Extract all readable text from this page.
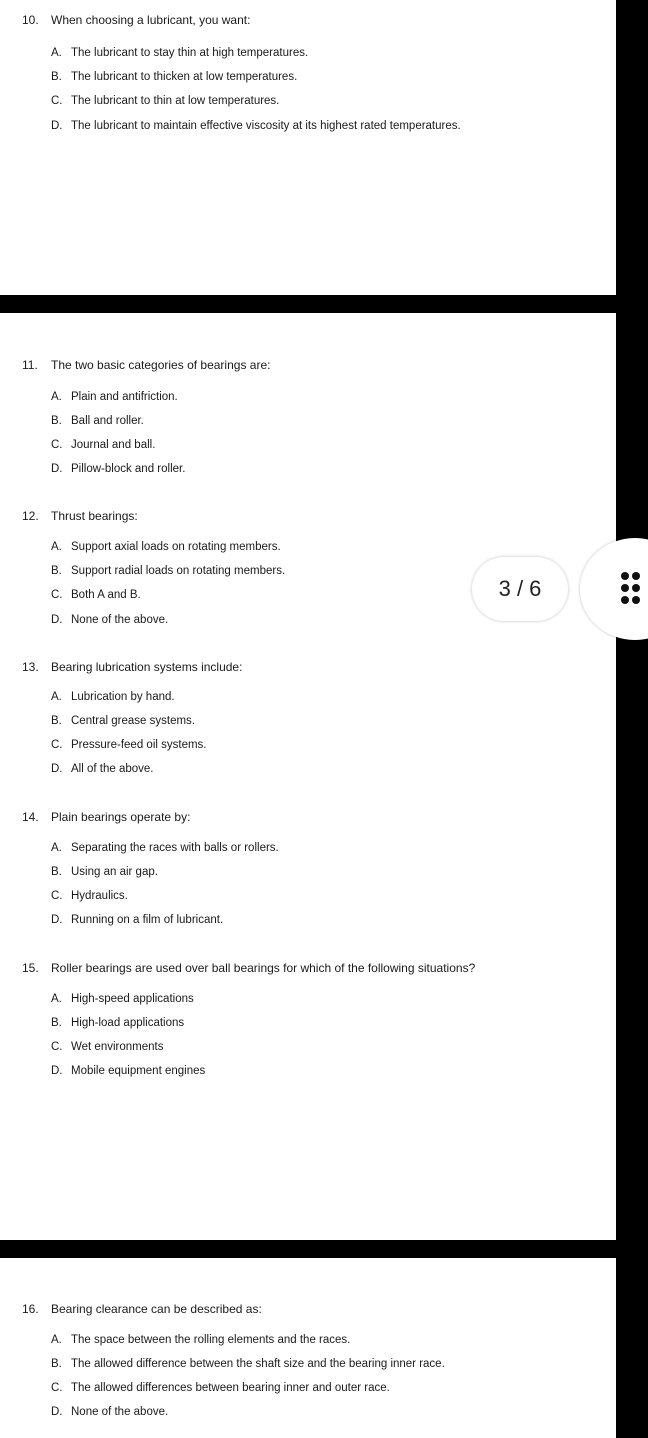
10. When choosing a lubricant, you want:
A. The lubricant to stay thin at high temperatures.
B. The lubricant to thicken at low temperatures.
C. The lubricant to thin at low temperatures.
D. The lubricant to maintain effective viscosity at its highest rated temperatures.
11. The two basic categories of bearings are:
A. Plain and antifriction.
B. Ball and roller.
C. Journal and ball.
D. Pillow-block and roller.
12. Thrust bearings:
A. Support axial loads on rotating members.
B. Support radial loads on rotating members.
C. Both A and B.
D. None of the above.
13. Bearing lubrication systems include:
A. Lubrication by hand.
B. Central grease systems.
C. Pressure-feed oil systems.
D. All of the above.
14. Plain bearings operate by:
A. Separating the races with balls or rollers.
B. Using an air gap.
C. Hydraulics.
D. Running on a film of lubricant.
15. Roller bearings are used over ball bearings for which of the following situations?
A. High-speed applications
B. High-load applications
C. Wet environments
D. Mobile equipment engines
16. Bearing clearance can be described as:
A. The space between the rolling elements and the races.
B. The allowed difference between the shaft size and the bearing inner race.
C. The allowed differences between bearing inner and outer race.
D. None of the above.
3 / 6
